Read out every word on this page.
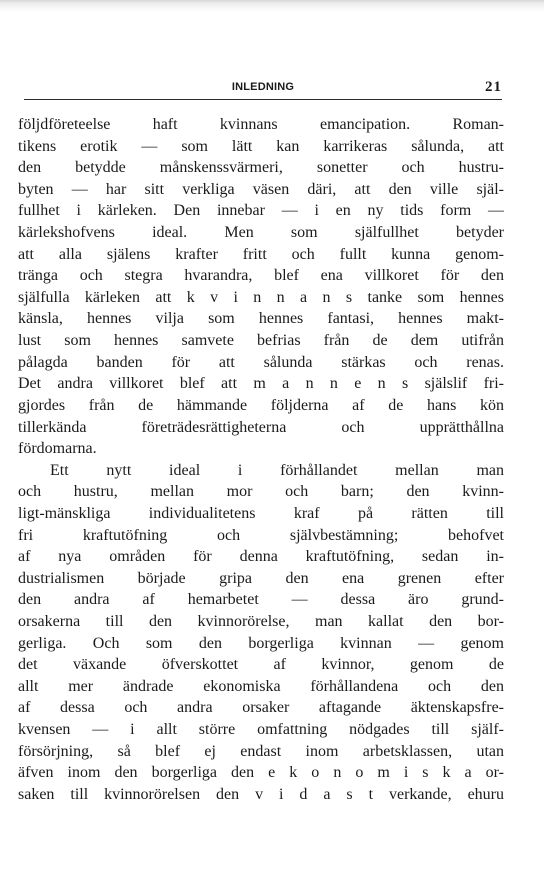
INLEDNING	21
följdföreteelse haft kvinnans emancipation. Roman-
tikens erotik — som lätt kan karrikeras sålunda, att
den betydde månskenssvärmeri, sonetter och hustru-
byten — har sitt verkliga väsen däri, att den ville själ-
fullhet i kärleken. Den innebar — i en ny tids form —
kärlekshofvens ideal. Men som själfullhet betyder
att alla själens krafter fritt och fullt kunna genom-
tränga och stegra hvarandra, blef ena villkoret för den
själfulla kärleken att k v i n n a n s tanke som hennes
känsla, hennes vilja som hennes fantasi, hennes makt-
lust som hennes samvete befrias från de dem utifrån
pålagda banden för att sålunda stärkas och renas.
Det andra villkoret blef att m a n n e n s själslif fri-
gjordes från de hämmande följderna af de hans kön
tillerkända företrädesrättigheterna och upprätthållna
fördomarna.
Ett nytt ideal i förhållandet mellan man
och hustru, mellan mor och barn; den kvinn-
ligt-mänskliga individualitetens kraf på rätten till
fri kraftutöfning och självbestämning; behofvet
af nya områden för denna kraftutöfning, sedan in-
dustrialismen började gripa den ena grenen efter
den andra af hemarbetet — dessa äro grund-
orsakerna till den kvinnorörelse, man kallat den bor-
gerliga. Och som den borgerliga kvinnan — genom
det växande öfverskottet af kvinnor, genom de
allt mer ändrade ekonomiska förhållandena och den
af dessa och andra orsaker aftagande äktenskapsfre-
kvensen — i allt större omfattning nödgades till själf-
försörjning, så blef ej endast inom arbetsklassen, utan
äfven inom den borgerliga den e k o n o m i s k a or-
saken till kvinnorörelsen den v i d a s t verkande, ehuru
